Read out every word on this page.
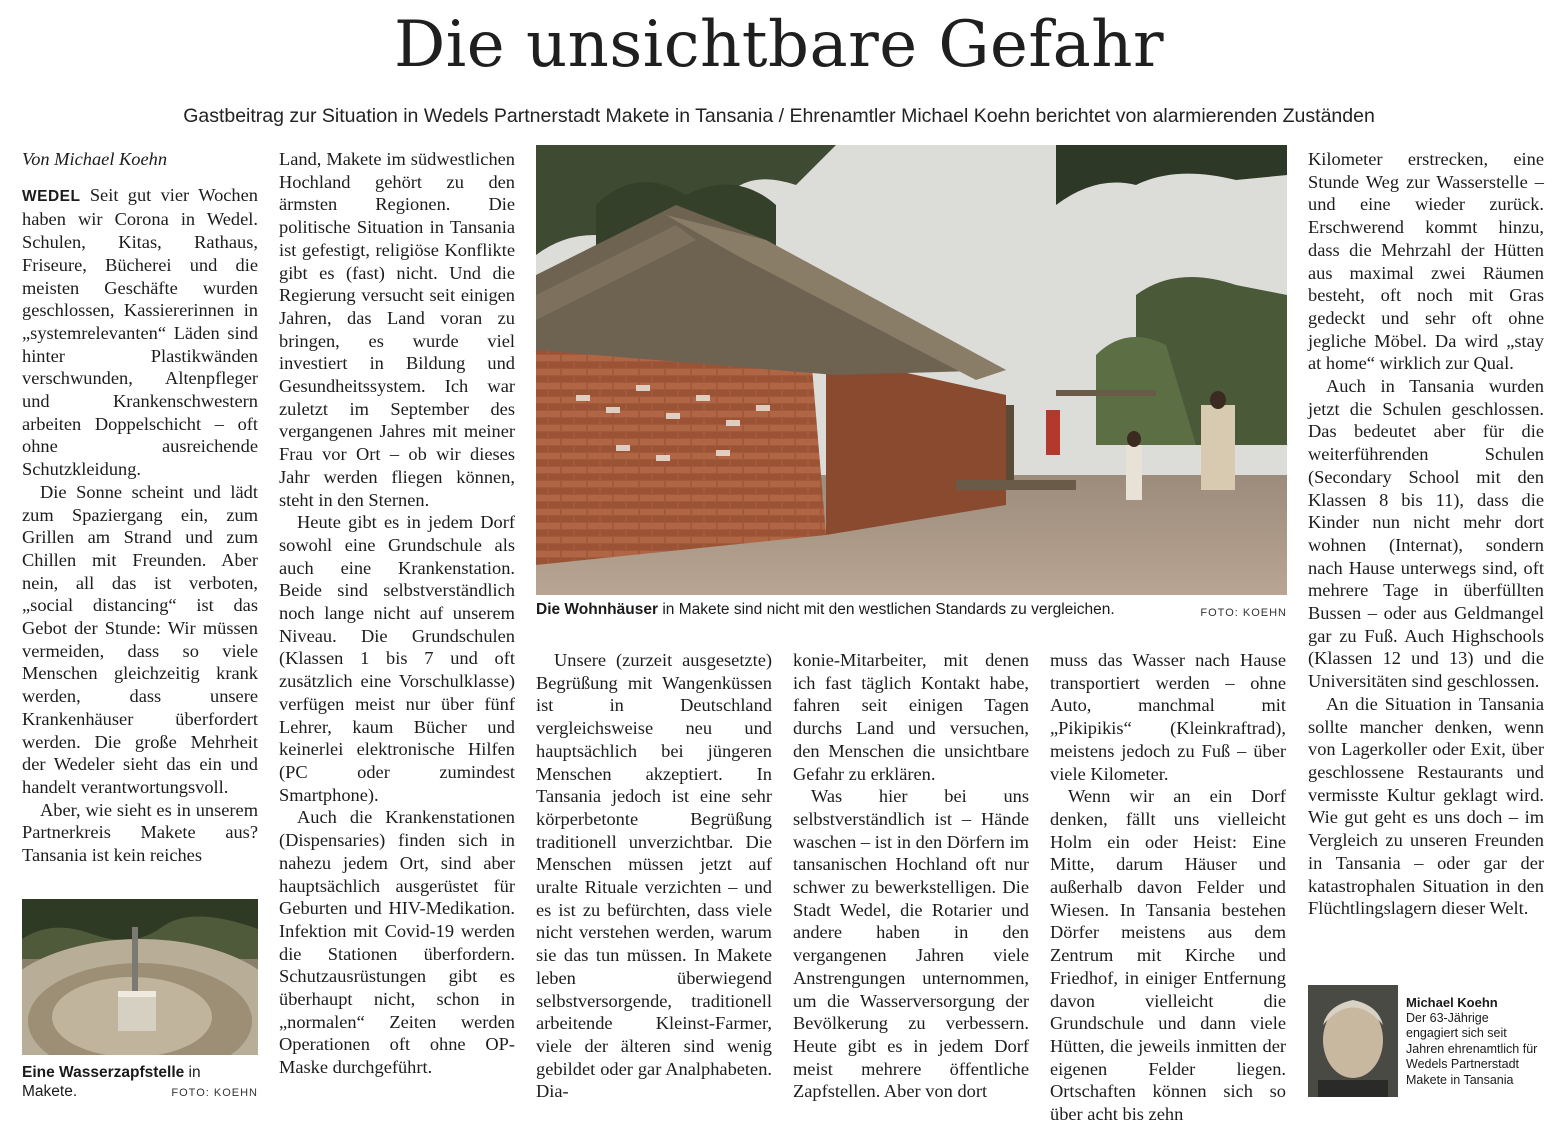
Die unsichtbare Gefahr
Gastbeitrag zur Situation in Wedels Partnerstadt Makete in Tansania / Ehrenamtler Michael Koehn berichtet von alarmierenden Zuständen

Von Michael Koehn

WEDEL Seit gut vier Wochen haben wir Corona in Wedel. Schulen, Kitas, Rathaus, Friseure, Bücherei und die meisten Geschäfte wurden geschlossen, Kassiererinnen in „systemrelevanten“ Läden sind hinter Plastikwänden verschwunden, Altenpfleger und Krankenschwestern arbeiten Doppelschicht – oft ohne ausreichende Schutzkleidung.

Die Sonne scheint und lädt zum Spaziergang ein, zum Grillen am Strand und zum Chillen mit Freunden. Aber nein, all das ist verboten, „social distancing“ ist das Gebot der Stunde: Wir müssen vermeiden, dass so viele Menschen gleichzeitig krank werden, dass unsere Krankenhäuser überfordert werden. Die große Mehrheit der Wedeler sieht das ein und handelt verantwortungsvoll.

Aber, wie sieht es in unserem Partnerkreis Makete aus? Tansania ist kein reiches

Eine Wasserzapfstelle in Makete.	FOTO: KOEHN

Land, Makete im südwestlichen Hochland gehört zu den ärmsten Regionen. Die politische Situation in Tansania ist gefestigt, religiöse Konflikte gibt es (fast) nicht. Und die Regierung versucht seit einigen Jahren, das Land voran zu bringen, es wurde viel investiert in Bildung und Gesundheitssystem. Ich war zuletzt im September des vergangenen Jahres mit meiner Frau vor Ort – ob wir dieses Jahr werden fliegen können, steht in den Sternen.

Heute gibt es in jedem Dorf sowohl eine Grundschule als auch eine Krankenstation. Beide sind selbstverständlich noch lange nicht auf unserem Niveau. Die Grundschulen (Klassen 1 bis 7 und oft zusätzlich eine Vorschulklasse) verfügen meist nur über fünf Lehrer, kaum Bücher und keinerlei elektronische Hilfen (PC oder zumindest Smartphone).

Auch die Krankenstationen (Dispensaries) finden sich in nahezu jedem Ort, sind aber hauptsächlich ausgerüstet für Geburten und HIV-Medikation. Infektion mit Covid-19 werden die Stationen überfordern. Schutzausrüstungen gibt es überhaupt nicht, schon in „normalen“ Zeiten werden Operationen oft ohne OP-Maske durchgeführt.

Die Wohnhäuser in Makete sind nicht mit den westlichen Standards zu vergleichen.	FOTO: KOEHN

Unsere (zurzeit ausgesetzte) Begrüßung mit Wangenküssen ist in Deutschland vergleichsweise neu und hauptsächlich bei jüngeren Menschen akzeptiert. In Tansania jedoch ist eine sehr körperbetonte Begrüßung traditionell unverzichtbar. Die Menschen müssen jetzt auf uralte Rituale verzichten – und es ist zu befürchten, dass viele nicht verstehen werden, warum sie das tun müssen. In Makete leben überwiegend selbstversorgende, traditionell arbeitende Kleinst-Farmer, viele der älteren sind wenig gebildet oder gar Analphabeten. Dia-

konie-Mitarbeiter, mit denen ich fast täglich Kontakt habe, fahren seit einigen Tagen durchs Land und versuchen, den Menschen die unsichtbare Gefahr zu erklären.

Was hier bei uns selbstverständlich ist – Hände waschen – ist in den Dörfern im tansanischen Hochland oft nur schwer zu bewerkstelligen. Die Stadt Wedel, die Rotarier und andere haben in den vergangenen Jahren viele Anstrengungen unternommen, um die Wasserversorgung der Bevölkerung zu verbessern. Heute gibt es in jedem Dorf meist mehrere öffentliche Zapfstellen. Aber von dort

muss das Wasser nach Hause transportiert werden – ohne Auto, manchmal mit „Pikipikis“ (Kleinkraftrad), meistens jedoch zu Fuß – über viele Kilometer.

Wenn wir an ein Dorf denken, fällt uns vielleicht Holm ein oder Heist: Eine Mitte, darum Häuser und außerhalb davon Felder und Wiesen. In Tansania bestehen Dörfer meistens aus dem Zentrum mit Kirche und Friedhof, in einiger Entfernung davon vielleicht die Grundschule und dann viele Hütten, die jeweils inmitten der eigenen Felder liegen. Ortschaften können sich so über acht bis zehn

Kilometer erstrecken, eine Stunde Weg zur Wasserstelle – und eine wieder zurück. Erschwerend kommt hinzu, dass die Mehrzahl der Hütten aus maximal zwei Räumen besteht, oft noch mit Gras gedeckt und sehr oft ohne jegliche Möbel. Da wird „stay at home“ wirklich zur Qual.

Auch in Tansania wurden jetzt die Schulen geschlossen. Das bedeutet aber für die weiterführenden Schulen (Secondary School mit den Klassen 8 bis 11), dass die Kinder nun nicht mehr dort wohnen (Internat), sondern nach Hause unterwegs sind, oft mehrere Tage in überfüllten Bussen – oder aus Geldmangel gar zu Fuß. Auch Highschools (Klassen 12 und 13) und die Universitäten sind geschlossen.

An die Situation in Tansania sollte mancher denken, wenn von Lagerkoller oder Exit, über geschlossene Restaurants und vermisste Kultur geklagt wird. Wie gut geht es uns doch – im Vergleich zu unseren Freunden in Tansania – oder gar der katastrophalen Situation in den Flüchtlingslagern dieser Welt.

Michael Koehn
Der 63-Jährige engagiert sich seit Jahren ehrenamtlich für Wedels Partnerstadt Makete in Tansania
